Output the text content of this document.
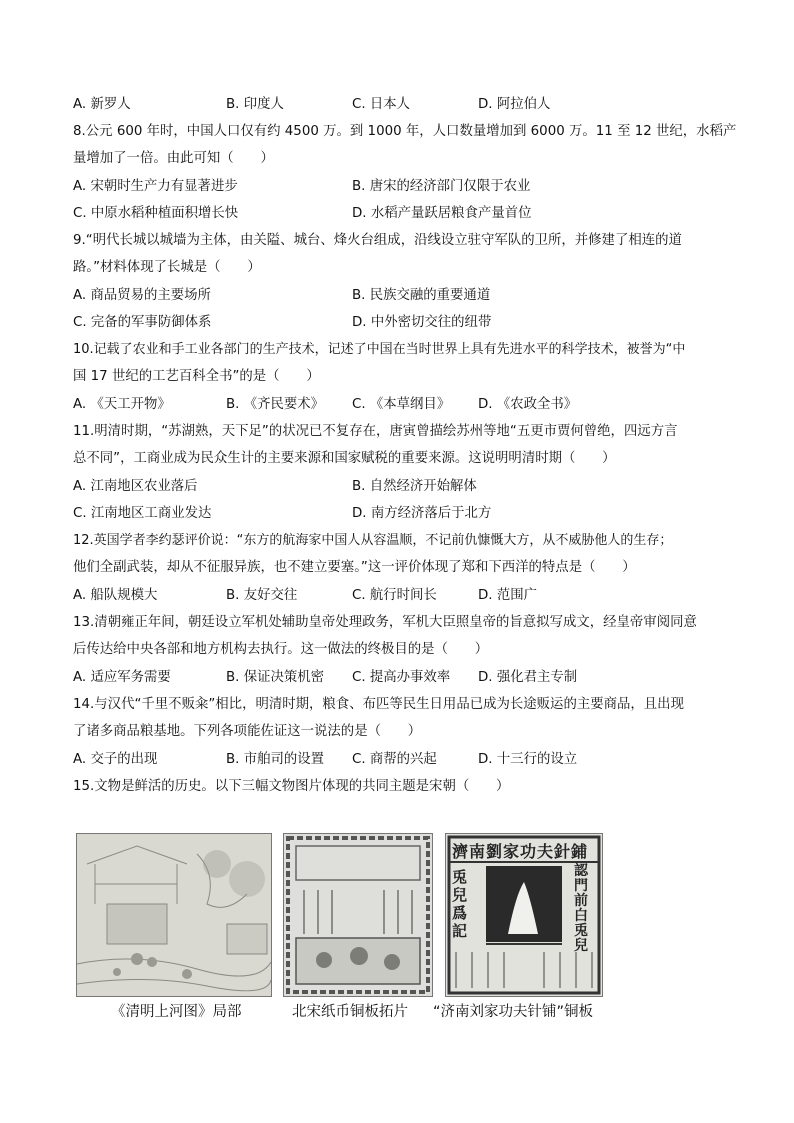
A. 新罗人	B. 印度人	C. 日本人	D. 阿拉伯人
8.公元 600 年时，中国人口仅有约 4500 万。到 1000 年，人口数量增加到 6000 万。11 至 12 世纪，水稻产
量增加了一倍。由此可知（　　）
A. 宋朝时生产力有显著进步	B. 唐宋的经济部门仅限于农业
C. 中原水稻种植面积增长快	D. 水稻产量跃居粮食产量首位
9.“明代长城以城墙为主体，由关隘、城台、烽火台组成，沿线设立驻守军队的卫所，并修建了相连的道
路。”材料体现了长城是（　　）
A. 商品贸易的主要场所	B. 民族交融的重要通道
C. 完备的军事防御体系	D. 中外密切交往的纽带
10.记载了农业和手工业各部门的生产技术，记述了中国在当时世界上具有先进水平的科学技术，被誉为“中
国 17 世纪的工艺百科全书”的是（　　）
A. 《天工开物》	B. 《齐民要术》 C. 《本草纲目》 D. 《农政全书》
11.明清时期，“苏湖熟，天下足”的状况已不复存在，唐寅曾描绘苏州等地“五更市贾何曾绝，四远方言
总不同”，工商业成为民众生计的主要来源和国家赋税的重要来源。这说明明清时期（　　）
A. 江南地区农业落后	B. 自然经济开始解体
C. 江南地区工商业发达	D. 南方经济落后于北方
12.英国学者李约瑟评价说：“东方的航海家中国人从容温顺，不记前仇慷慨大方，从不威胁他人的生存；
他们全副武装，却从不征服异族，也不建立要塞。”这一评价体现了郑和下西洋的特点是（　　）
A. 船队规模大	B. 友好交往	C. 航行时间长	D. 范围广
13.清朝雍正年间，朝廷设立军机处辅助皇帝处理政务，军机大臣照皇帝的旨意拟写成文，经皇帝审阅同意
后传达给中央各部和地方机构去执行。这一做法的终极目的是（　　）
A. 适应军务需要	B. 保证决策机密 C. 提高办事效率 D. 强化君主专制
14.与汉代“千里不贩籴”相比，明清时期，粮食、布匹等民生日用品已成为长途贩运的主要商品，且出现
了诸多商品粮基地。下列各项能佐证这一说法的是（　　）
A. 交子的出现	B. 市舶司的设置 C. 商帮的兴起	D. 十三行的设立
15.文物是鲜活的历史。以下三幅文物图片体现的共同主题是宋朝（　　）
濟南劉家功夫針鋪
兎兒爲記
認門前白兎兒
《清明上河图》局部	北宋纸币铜板拓片 “济南刘家功夫针铺”铜板
